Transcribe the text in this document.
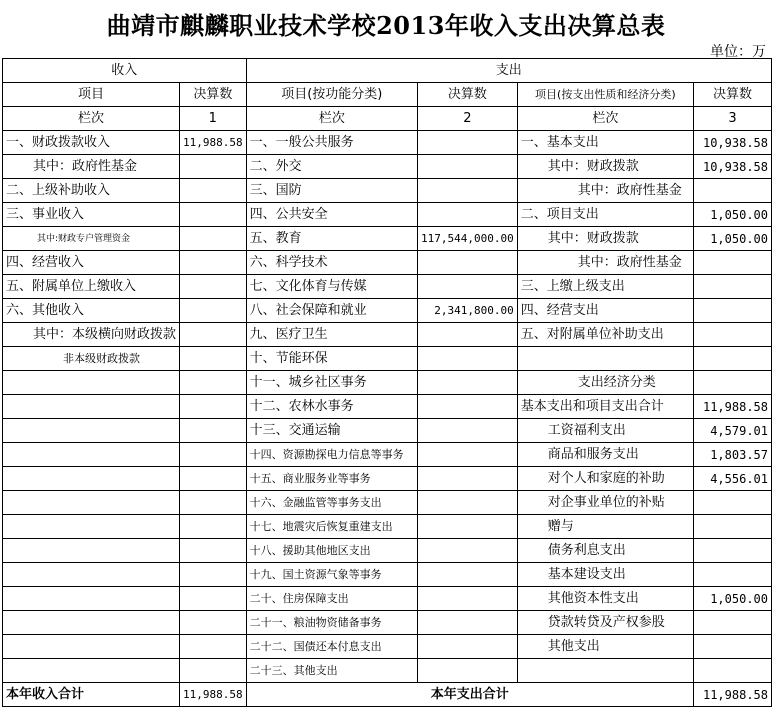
曲靖市麒麟职业技术学校2013年收入支出决算总表
单位：万
收入		支出			
项目	决算数	项目(按功能分类)	决算数	项目(按支出性质和经济分类)	决算数
栏次	1	栏次	2	栏次	3
一、财政拨款收入	11,988.58	一、一般公共服务		一、基本支出	10,938.58
其中：政府性基金		二、外交		其中：财政拨款	10,938.58
二、上级补助收入		三、国防		其中：政府性基金	
三、事业收入		四、公共安全		二、项目支出	1,050.00
其中:财政专户管理资金		五、教育	117,544,000.00	其中：财政拨款	1,050.00
四、经营收入		六、科学技术		其中：政府性基金	
五、附属单位上缴收入		七、文化体育与传媒		三、上缴上级支出	
六、其他收入		八、社会保障和就业	2,341,800.00	四、经营支出	
其中：本级横向财政拨款		九、医疗卫生		五、对附属单位补助支出	
非本级财政拨款		十、节能环保			
		十一、城乡社区事务		支出经济分类	
		十二、农林水事务		基本支出和项目支出合计	11,988.58
		十三、交通运输		工资福利支出	4,579.01
		十四、资源勘探电力信息等事务		商品和服务支出	1,803.57
		十五、商业服务业等事务		对个人和家庭的补助	4,556.01
		十六、金融监管等事务支出		对企事业单位的补贴	
		十七、地震灾后恢复重建支出		赠与	
		十八、援助其他地区支出		债务利息支出	
		十九、国土资源气象等事务		基本建设支出	
		二十、住房保障支出		其他资本性支出	1,050.00
		二十一、粮油物资储备事务		贷款转贷及产权参股	
		二十二、国债还本付息支出		其他支出	
		二十三、其他支出			
本年收入合计	11,988.58	本年支出合计			11,988.58
